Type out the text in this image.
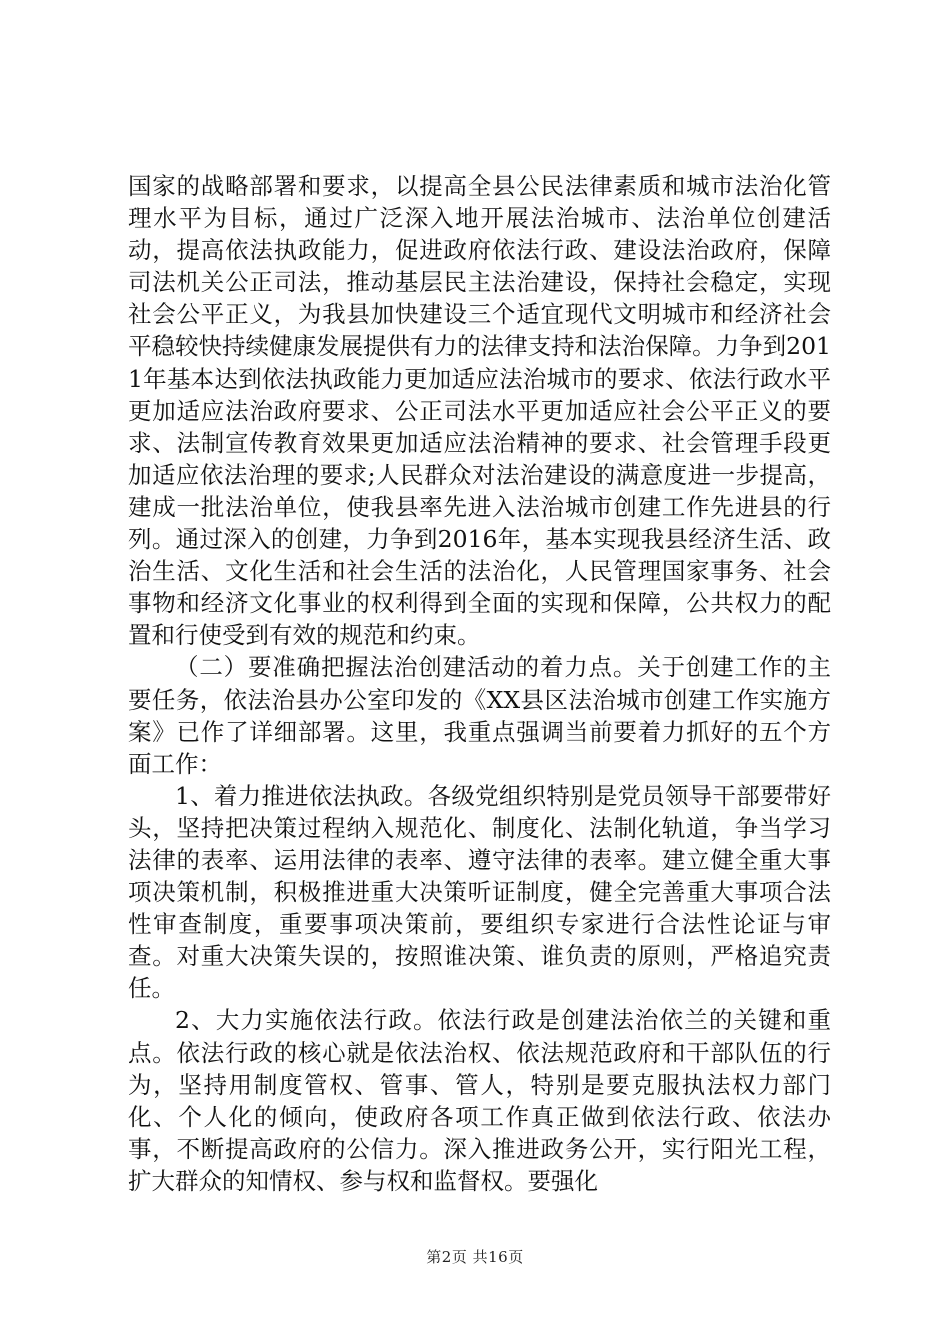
国家的战略部署和要求，以提高全县公民法律素质和城市法治化管理水平为目标，通过广泛深入地开展法治城市、法治单位创建活动，提高依法执政能力，促进政府依法行政、建设法治政府，保障司法机关公正司法，推动基层民主法治建设，保持社会稳定，实现社会公平正义，为我县加快建设三个适宜现代文明城市和经济社会平稳较快持续健康发展提供有力的法律支持和法治保障。力争到2011年基本达到依法执政能力更加适应法治城市的要求、依法行政水平更加适应法治政府要求、公正司法水平更加适应社会公平正义的要求、法制宣传教育效果更加适应法治精神的要求、社会管理手段更加适应依法治理的要求;人民群众对法治建设的满意度进一步提高，建成一批法治单位，使我县率先进入法治城市创建工作先进县的行列。通过深入的创建，力争到2016年，基本实现我县经济生活、政治生活、文化生活和社会生活的法治化，人民管理国家事务、社会事物和经济文化事业的权利得到全面的实现和保障，公共权力的配置和行使受到有效的规范和约束。

（二）要准确把握法治创建活动的着力点。关于创建工作的主要任务，依法治县办公室印发的《XX县区法治城市创建工作实施方案》已作了详细部署。这里，我重点强调当前要着力抓好的五个方面工作：

1、着力推进依法执政。各级党组织特别是党员领导干部要带好头，坚持把决策过程纳入规范化、制度化、法制化轨道，争当学习法律的表率、运用法律的表率、遵守法律的表率。建立健全重大事项决策机制，积极推进重大决策听证制度，健全完善重大事项合法性审查制度，重要事项决策前，要组织专家进行合法性论证与审查。对重大决策失误的，按照谁决策、谁负责的原则，严格追究责任。

2、大力实施依法行政。依法行政是创建法治依兰的关键和重点。依法行政的核心就是依法治权、依法规范政府和干部队伍的行为，坚持用制度管权、管事、管人，特别是要克服执法权力部门化、个人化的倾向，使政府各项工作真正做到依法行政、依法办事，不断提高政府的公信力。深入推进政务公开，实行阳光工程，扩大群众的知情权、参与权和监督权。要强化

第2页 共16页
